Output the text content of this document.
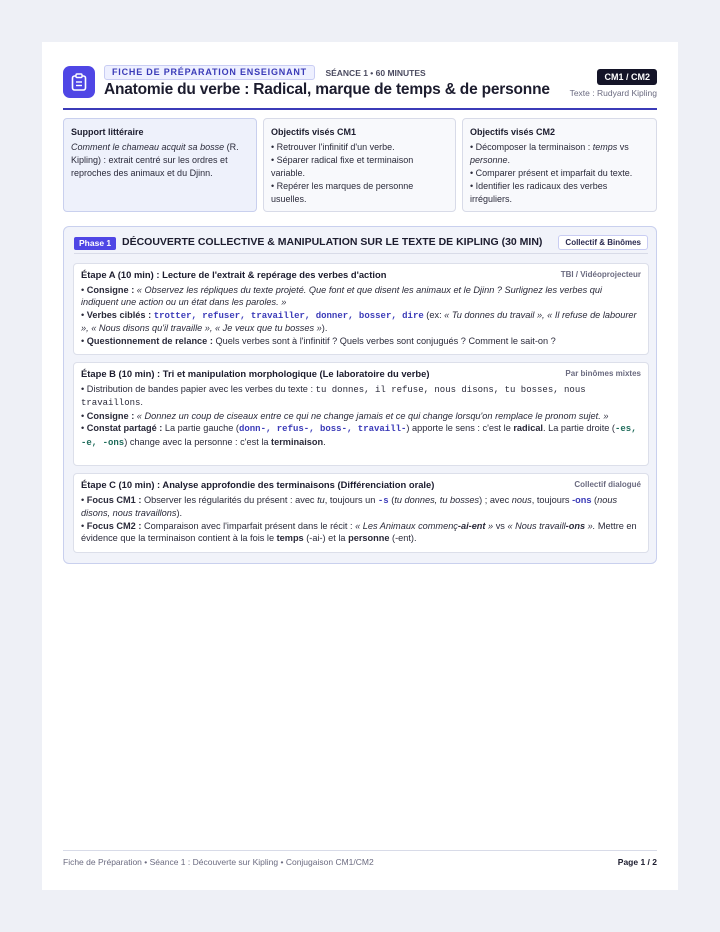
FICHE DE PRÉPARATION ENSEIGNANT SÉANCE 1 • 60 MINUTES
Anatomie du verbe : Radical, marque de temps & de personne
CM1 / CM2
Texte : Rudyard Kipling
Support littéraire

Comment le chameau acquit sa bosse (R. Kipling) : extrait centré sur les ordres et reproches des animaux et du Djinn.

Objectifs visés CM1

• Retrouver l'infinitif d'un verbe.

• Séparer radical fixe et terminaison variable.

• Repérer les marques de personne usuelles.

Objectifs visés CM2

• Décomposer la terminaison : temps vs personne.

• Comparer présent et imparfait du texte.

• Identifier les radicaux des verbes irréguliers.

Phase 1	DÉCOUVERTE COLLECTIVE & MANIPULATION SUR LE TEXTE DE KIPLING (30 MIN)	Collectif & Binômes
Étape A (10 min) : Lecture de l'extrait & repérage des verbes d'action	TBI / Vidéoprojecteur

• Consigne : « Observez les répliques du texte projeté. Que font et que disent les animaux et le Djinn ? Surlignez les verbes qui indiquent une action ou un état dans les paroles. »

• Verbes ciblés : trotter, refuser, travailler, donner, bosser, dire (ex: « Tu donnes du travail », « Il refuse de labourer », « Nous disons qu'il travaille », « Je veux que tu bosses »).

• Questionnement de relance : Quels verbes sont à l'infinitif ? Quels verbes sont conjugués ? Comment le sait-on ?

Étape B (10 min) : Tri et manipulation morphologique (Le laboratoire du verbe)	Par binômes mixtes

• Distribution de bandes papier avec les verbes du texte : tu donnes, il refuse, nous disons, tu bosses, nous travaillons.

• Consigne : « Donnez un coup de ciseaux entre ce qui ne change jamais et ce qui change lorsqu'on remplace le pronom sujet. »

• Constat partagé : La partie gauche (donn-, refus-, boss-, travaill-) apporte le sens : c'est le radical. La partie droite (-es, -e, -ons) change avec la personne : c'est la terminaison.

Étape C (10 min) : Analyse approfondie des terminaisons (Différenciation orale)	Collectif dialogué

• Focus CM1 : Observer les régularités du présent : avec tu, toujours un -s (tu donnes, tu bosses) ; avec nous, toujours -ons (nous disons, nous travaillons).

• Focus CM2 : Comparaison avec l'imparfait présent dans le récit : « Les Animaux commenç-ai-ent » vs « Nous travaill-ons ». Mettre en évidence que la terminaison contient à la fois le temps (-ai-) et la personne (-ent).

Fiche de Préparation • Séance 1 : Découverte sur Kipling • Conjugaison CM1/CM2	Page 1 / 2
